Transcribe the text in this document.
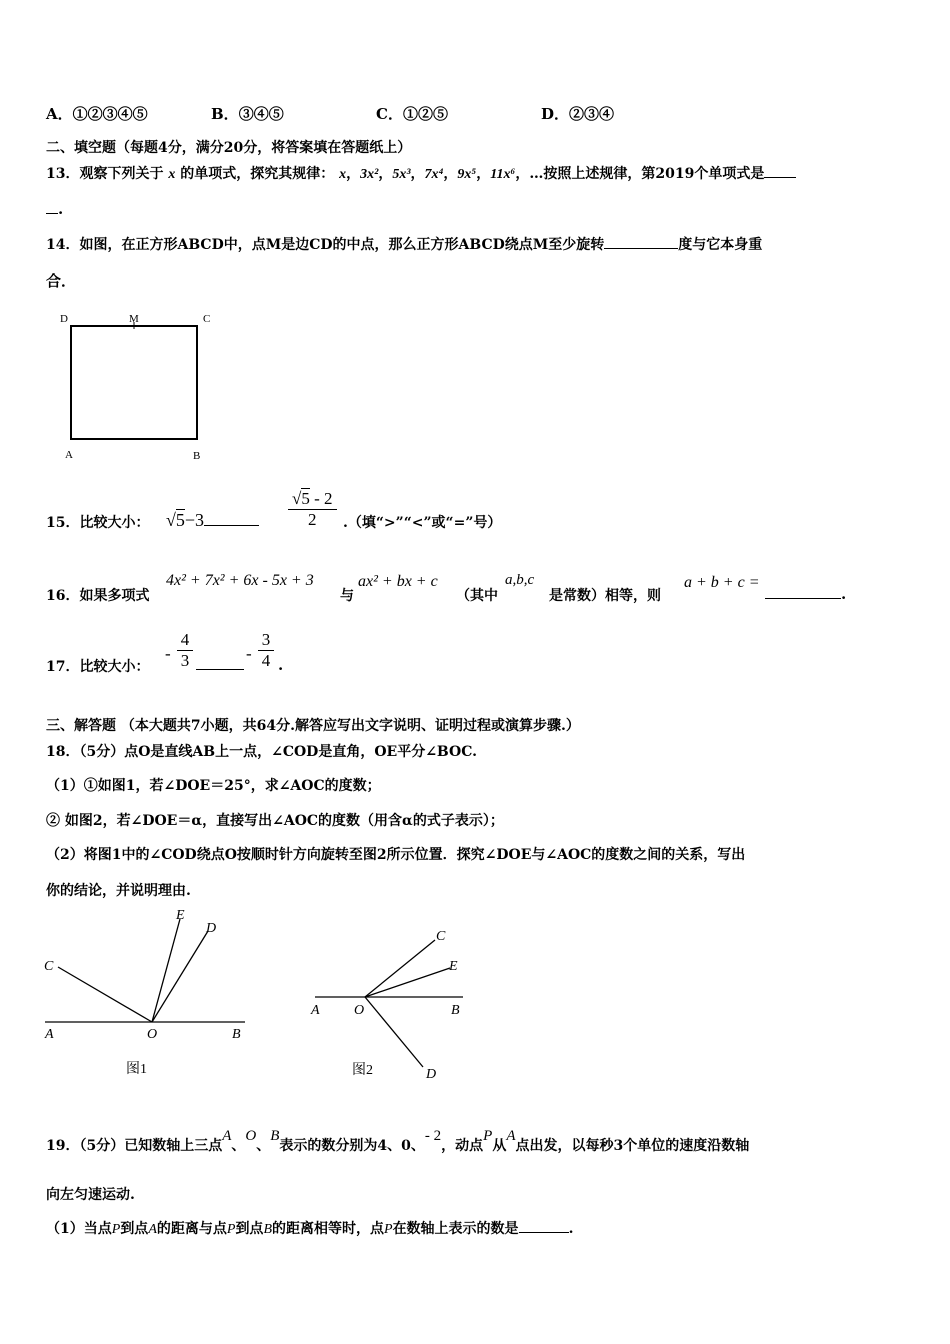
A．①②③④⑤	B．③④⑤	C．①②⑤	D．②③④
二、填空题（每题4分，满分20分，将答案填在答题纸上）
13．观察下列关于 x 的单项式，探究其规律： x，3x²，5x³，7x⁴，9x⁵，11x⁶，…按照上述规律，第2019个单项式是
.
14．如图，在正方形ABCD中，点M是边CD的中点，那么正方形ABCD绕点M至少旋转	度与它本身重
合．
D	M	C
A	B
15．比较大小： √5−3
√5 - 2
2	.（填“>”“<”或“=”号）
16．如果多项式
4x² + 7x² + 6x - 5x + 3
与
ax² + bx + c
（其中
a,b,c
是常数）相等，则
a + b + c =
.
17．比较大小：
-
4
3	-
3
4 .
三、解答题 （本大题共7小题，共64分.解答应写出文字说明、证明过程或演算步骤.）
18．（5分）点O是直线AB上一点，∠COD是直角，OE平分∠BOC.
（1）①如图1，若∠DOE＝25°，求∠AOC的度数；
② 如图2，若∠DOE＝α，直接写出∠AOC的度数（用含α的式子表示）；
（2）将图1中的∠COD绕点O按顺时针方向旋转至图2所示位置．探究∠DOE与∠AOC的度数之间的关系，写出
你的结论，并说明理由.
C
E
D
A	O	B
图1
C
E
A O	B
D
图2
19．（5分）已知数轴上三点A、O、B表示的数分别为4、0、- 2，动点P从A点出发，以每秒3个单位的速度沿数轴
向左匀速运动.
（1）当点P到点A的距离与点P到点B的距离相等时，点P在数轴上表示的数是	.
